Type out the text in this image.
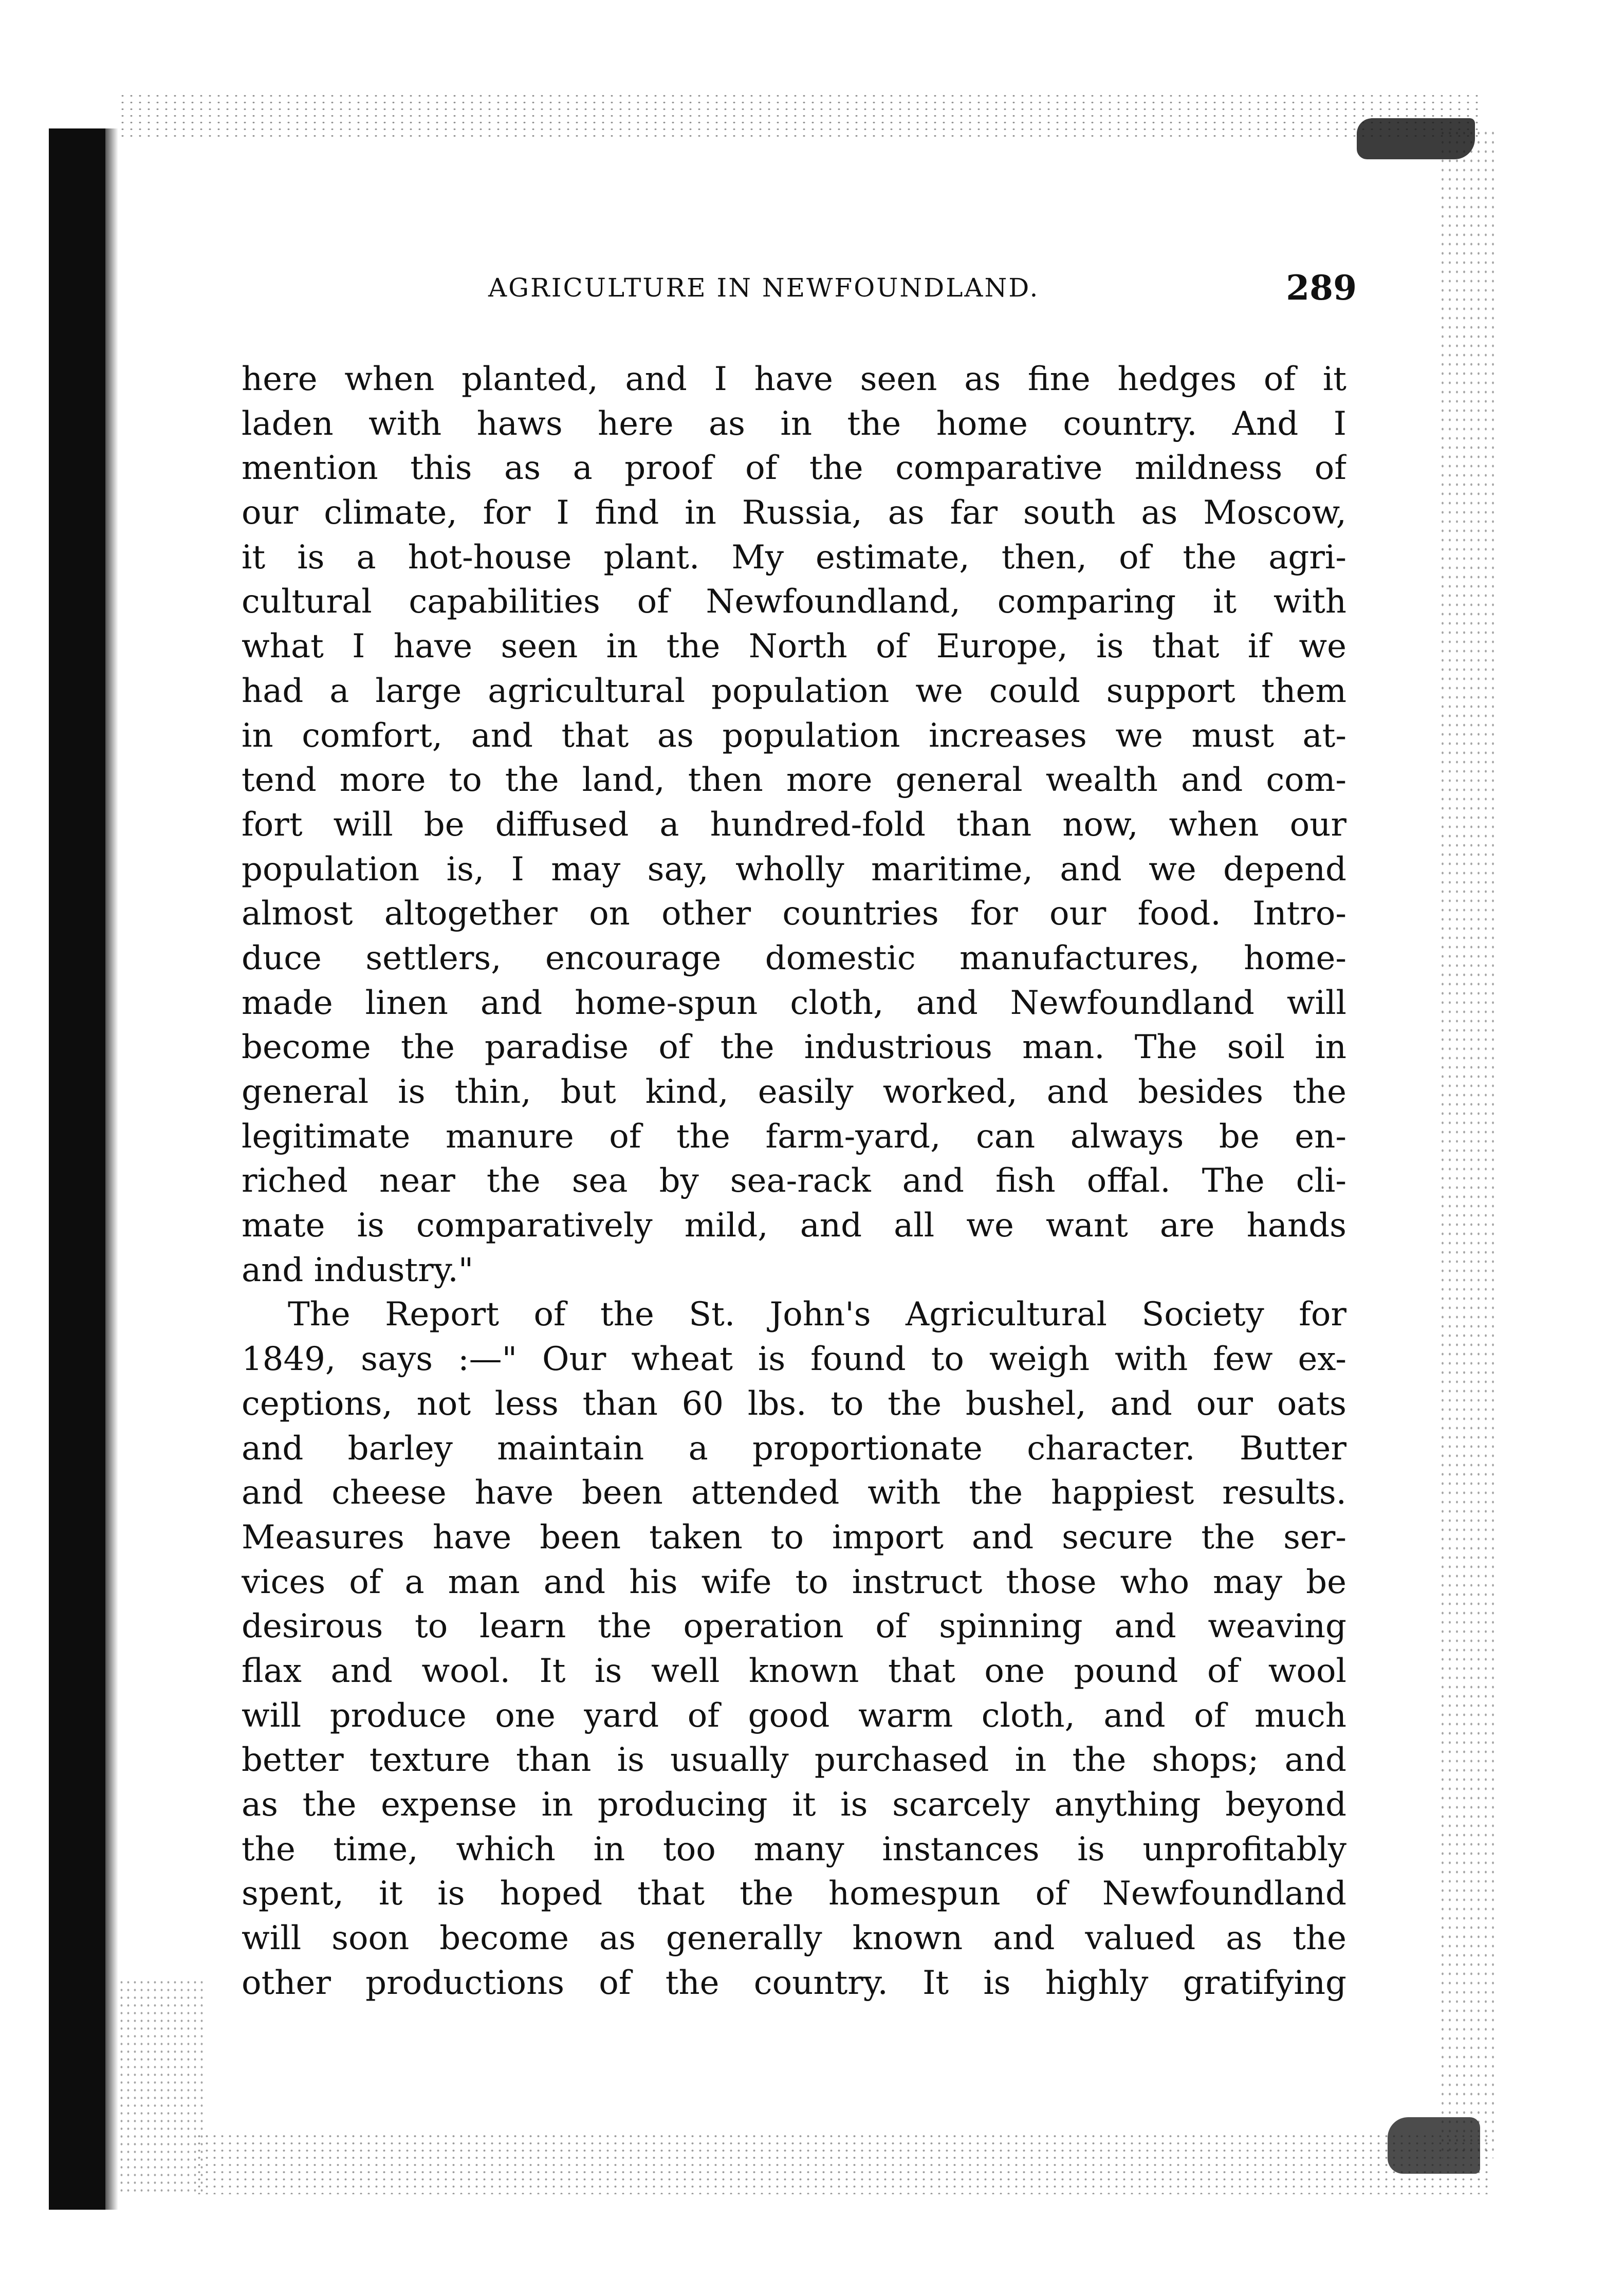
AGRICULTURE IN NEWFOUNDLAND.	289
here when planted, and I have seen as fine hedges of it
laden with haws here as in the home country. And I
mention this as a proof of the comparative mildness of
our climate, for I find in Russia, as far south as Moscow,
it is a hot-house plant. My estimate, then, of the agri-
cultural capabilities of Newfoundland, comparing it with
what I have seen in the North of Europe, is that if we
had a large agricultural population we could support them
in comfort, and that as population increases we must at-
tend more to the land, then more general wealth and com-
fort will be diffused a hundred-fold than now, when our
population is, I may say, wholly maritime, and we depend
almost altogether on other countries for our food. Intro-
duce settlers, encourage domestic manufactures, home-
made linen and home-spun cloth, and Newfoundland will
become the paradise of the industrious man. The soil in
general is thin, but kind, easily worked, and besides the
legitimate manure of the farm-yard, can always be en-
riched near the sea by sea-rack and fish offal. The cli-
mate is comparatively mild, and all we want are hands
and industry."
The Report of the St. John's Agricultural Society for
1849, says :—" Our wheat is found to weigh with few ex-
ceptions, not less than 60 lbs. to the bushel, and our oats
and barley maintain a proportionate character. Butter
and cheese have been attended with the happiest results.
Measures have been taken to import and secure the ser-
vices of a man and his wife to instruct those who may be
desirous to learn the operation of spinning and weaving
flax and wool. It is well known that one pound of wool
will produce one yard of good warm cloth, and of much
better texture than is usually purchased in the shops; and
as the expense in producing it is scarcely anything beyond
the time, which in too many instances is unprofitably
spent, it is hoped that the homespun of Newfoundland
will soon become as generally known and valued as the
other productions of the country. It is highly gratifying
